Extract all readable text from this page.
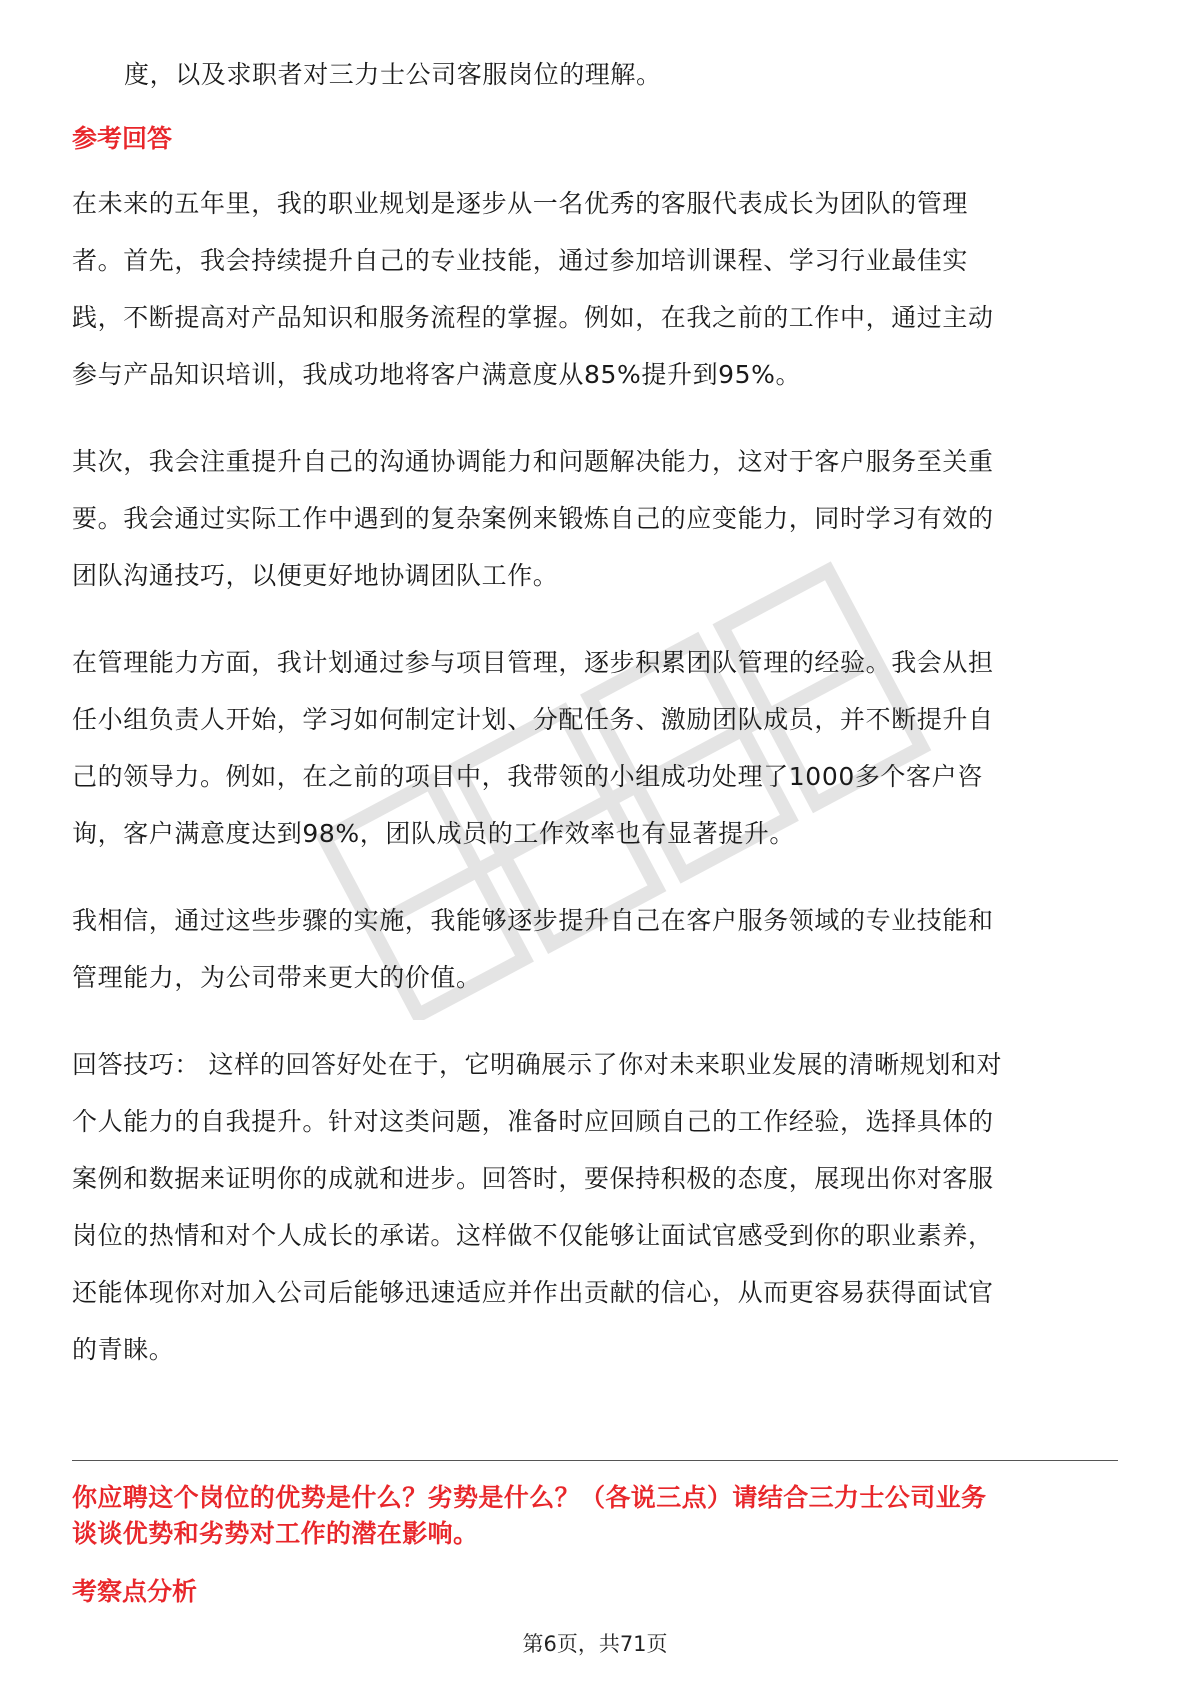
度，以及求职者对三力士公司客服岗位的理解。

参考回答

在未来的五年里，我的职业规划是逐步从一名优秀的客服代表成长为团队的管理

者。首先，我会持续提升自己的专业技能，通过参加培训课程、学习行业最佳实

践，不断提高对产品知识和服务流程的掌握。例如，在我之前的工作中，通过主动

参与产品知识培训，我成功地将客户满意度从85%提升到95%。

其次，我会注重提升自己的沟通协调能力和问题解决能力，这对于客户服务至关重

要。我会通过实际工作中遇到的复杂案例来锻炼自己的应变能力，同时学习有效的

团队沟通技巧，以便更好地协调团队工作。

在管理能力方面，我计划通过参与项目管理，逐步积累团队管理的经验。我会从担

任小组负责人开始，学习如何制定计划、分配任务、激励团队成员，并不断提升自

己的领导力。例如，在之前的项目中，我带领的小组成功处理了1000多个客户咨

询，客户满意度达到98%，团队成员的工作效率也有显著提升。

我相信，通过这些步骤的实施，我能够逐步提升自己在客户服务领域的专业技能和

管理能力，为公司带来更大的价值。

回答技巧： 这样的回答好处在于，它明确展示了你对未来职业发展的清晰规划和对

个人能力的自我提升。针对这类问题，准备时应回顾自己的工作经验，选择具体的

案例和数据来证明你的成就和进步。回答时，要保持积极的态度，展现出你对客服

岗位的热情和对个人成长的承诺。这样做不仅能够让面试官感受到你的职业素养，

还能体现你对加入公司后能够迅速适应并作出贡献的信心，从而更容易获得面试官

的青睐。

你应聘这个岗位的优势是什么？劣势是什么？（各说三点）请结合三力士公司业务

谈谈优势和劣势对工作的潜在影响。

考察点分析

第6页，共71页
